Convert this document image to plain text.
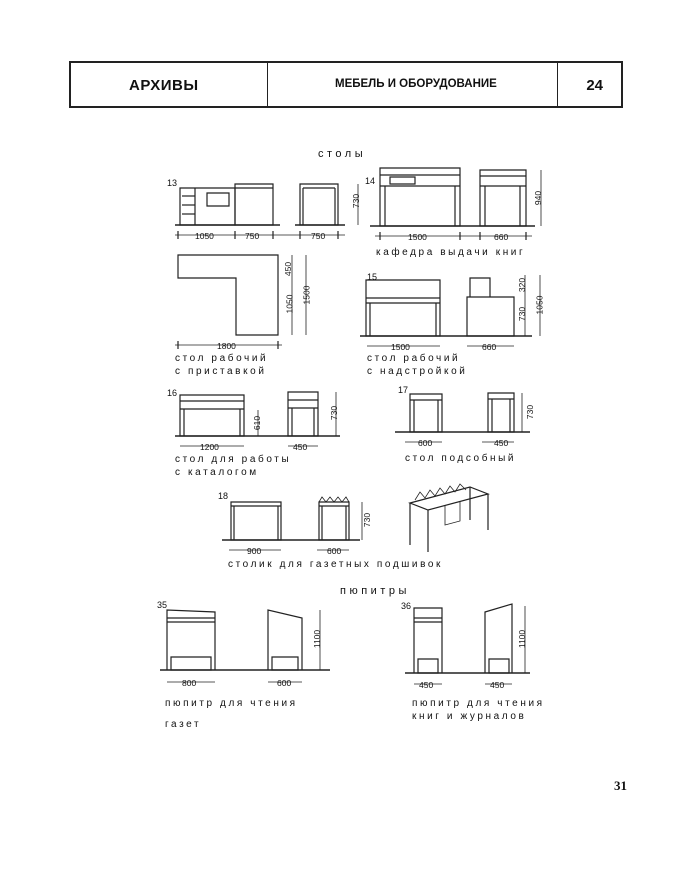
АРХИВЫ	МЕБЕЛЬ И ОБОРУДОВАНИЕ	24
столы
пюпитры
13	14
15
16	17
18
35	36
1050	750	750
730
1500	660
940
1800
450
1050 1500
1500	660
320
730 1050
1200	450
610
730
600	450
730
900	600
730
800	600
1100
450	450
1100
кафедра выдачи книг
стол рабочий
с приставкой
стол рабочий
с надстройкой
стол для работы
с каталогом
стол подсобный
столик для газетных подшивок
пюпитр для чтения
газет
пюпитр для чтения
книг и журналов
31
